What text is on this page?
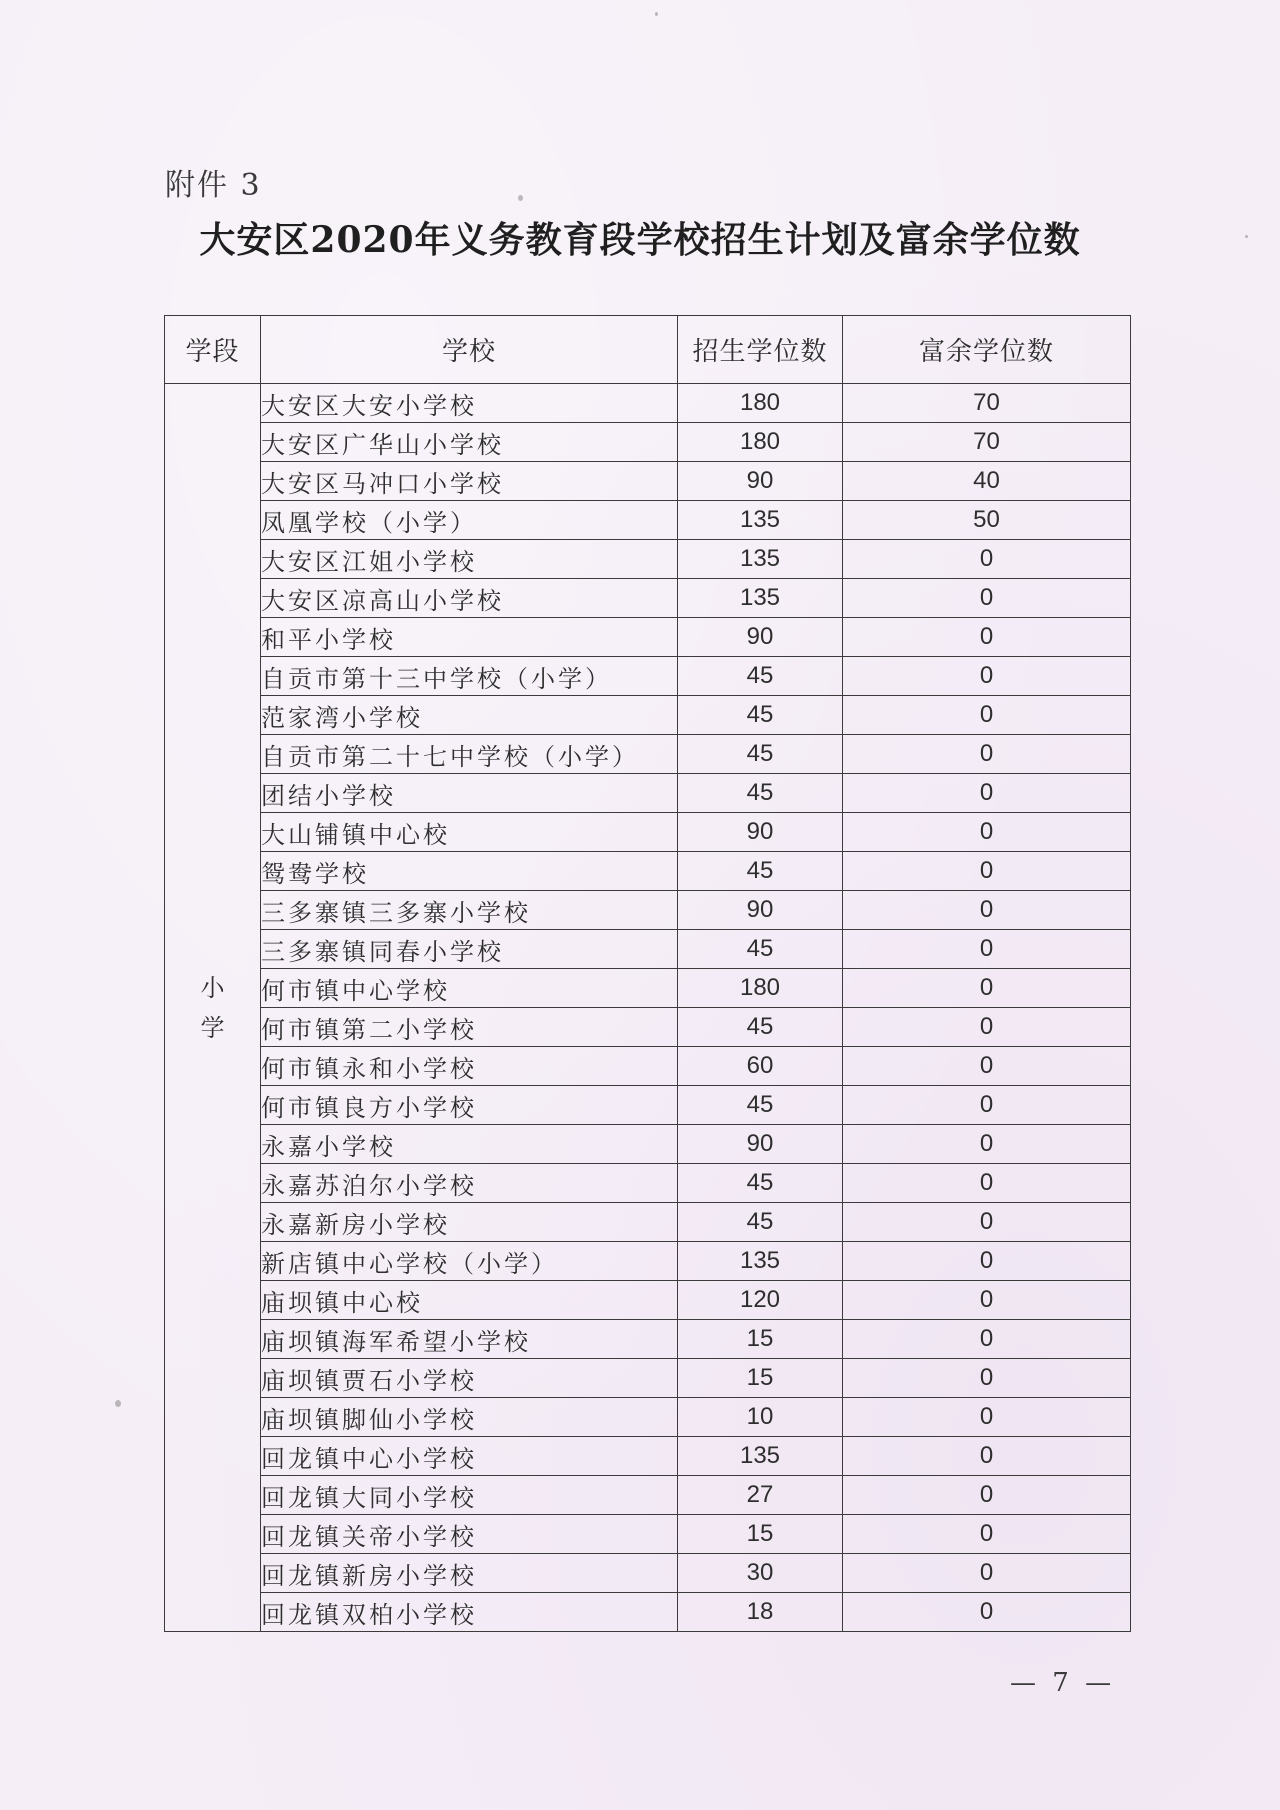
附件 3
大安区2020年义务教育段学校招生计划及富余学位数
学段	学校	招生学位数	富余学位数
小学	大安区大安小学校	180	70
	大安区广华山小学校	180	70
	大安区马冲口小学校	90	40
	凤凰学校（小学）	135	50
	大安区江姐小学校	135	0
	大安区凉高山小学校	135	0
	和平小学校	90	0
	自贡市第十三中学校（小学）	45	0
	范家湾小学校	45	0
	自贡市第二十七中学校（小学）	45	0
	团结小学校	45	0
	大山铺镇中心校	90	0
	鸳鸯学校	45	0
	三多寨镇三多寨小学校	90	0
	三多寨镇同春小学校	45	0
	何市镇中心学校	180	0
	何市镇第二小学校	45	0
	何市镇永和小学校	60	0
	何市镇良方小学校	45	0
	永嘉小学校	90	0
	永嘉苏泊尔小学校	45	0
	永嘉新房小学校	45	0
	新店镇中心学校（小学）	135	0
	庙坝镇中心校	120	0
	庙坝镇海军希望小学校	15	0
	庙坝镇贾石小学校	15	0
	庙坝镇脚仙小学校	10	0
	回龙镇中心小学校	135	0
	回龙镇大同小学校	27	0
	回龙镇关帝小学校	15	0
	回龙镇新房小学校	30	0
	回龙镇双柏小学校	18	0
— 7 —
